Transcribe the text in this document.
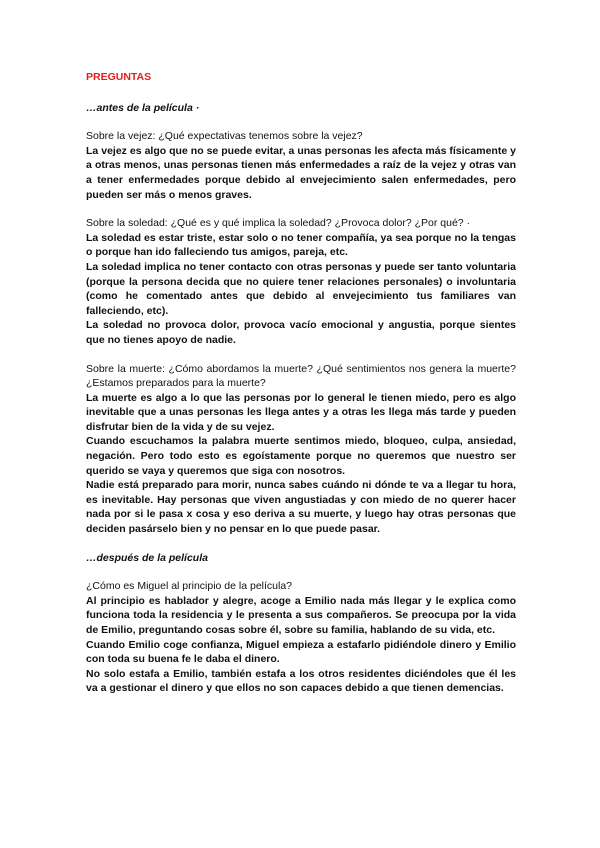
PREGUNTAS

…antes de la película ·

Sobre la vejez: ¿Qué expectativas tenemos sobre la vejez?

La vejez es algo que no se puede evitar, a unas personas les afecta más físicamente y a otras menos, unas personas tienen más enfermedades a raíz de la vejez y otras van a tener enfermedades porque debido al envejecimiento salen enfermedades, pero pueden ser más o menos graves.

Sobre la soledad: ¿Qué es y qué implica la soledad? ¿Provoca dolor? ¿Por qué? ·

La soledad es estar triste, estar solo o no tener compañía, ya sea porque no la tengas o porque han ido falleciendo tus amigos, pareja, etc.

La soledad implica no tener contacto con otras personas y puede ser tanto voluntaria (porque la persona decida que no quiere tener relaciones personales) o involuntaria (como he comentado antes que debido al envejecimiento tus familiares van falleciendo, etc).

La soledad no provoca dolor, provoca vacío emocional y angustia, porque sientes que no tienes apoyo de nadie.

Sobre la muerte: ¿Cómo abordamos la muerte? ¿Qué sentimientos nos genera la muerte? ¿Estamos preparados para la muerte?

La muerte es algo a lo que las personas por lo general le tienen miedo, pero es algo inevitable que a unas personas les llega antes y a otras les llega más tarde y pueden disfrutar bien de la vida y de su vejez.

Cuando escuchamos la palabra muerte sentimos miedo, bloqueo, culpa, ansiedad, negación. Pero todo esto es egoístamente porque no queremos que nuestro ser querido se vaya y queremos que siga con nosotros.

Nadie está preparado para morir, nunca sabes cuándo ni dónde te va a llegar tu hora, es inevitable. Hay personas que viven angustiadas y con miedo de no querer hacer nada por si le pasa x cosa y eso deriva a su muerte, y luego hay otras personas que deciden pasárselo bien y no pensar en lo que puede pasar.

…después de la película

¿Cómo es Miguel al principio de la película?

Al principio es hablador y alegre, acoge a Emilio nada más llegar y le explica como funciona toda la residencia y le presenta a sus compañeros. Se preocupa por la vida de Emilio, preguntando cosas sobre él, sobre su familia, hablando de su vida, etc.

Cuando Emilio coge confianza, Miguel empieza a estafarlo pidiéndole dinero y Emilio con toda su buena fe le daba el dinero.

No solo estafa a Emilio, también estafa a los otros residentes diciéndoles que él les va a gestionar el dinero y que ellos no son capaces debido a que tienen demencias.
